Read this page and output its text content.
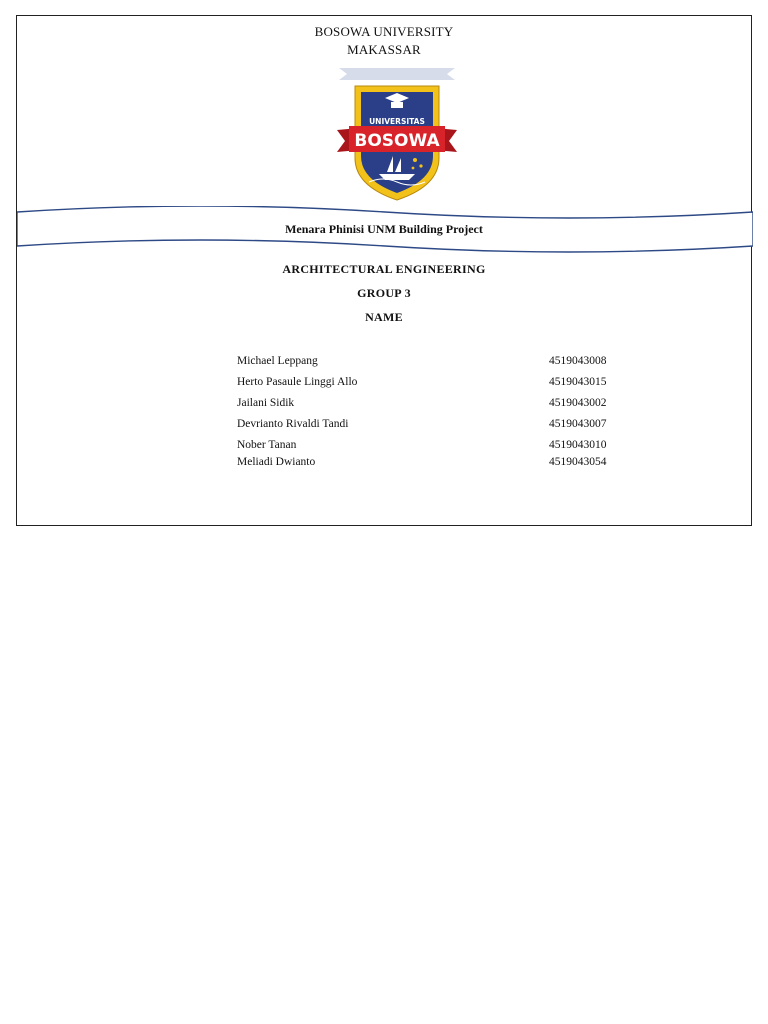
BOSOWA UNIVERSITY
MAKASSAR
UNIVERSITAS
BOSOWA
Menara Phinisi UNM Building Project
ARCHITECTURAL ENGINEERING
GROUP 3
NAME
Michael Leppang	4519043008
Herto Pasaule Linggi Allo	4519043015
Jailani Sidik	4519043002
Devrianto Rivaldi Tandi	4519043007
Nober Tanan	4519043010
Meliadi Dwianto	4519043054
